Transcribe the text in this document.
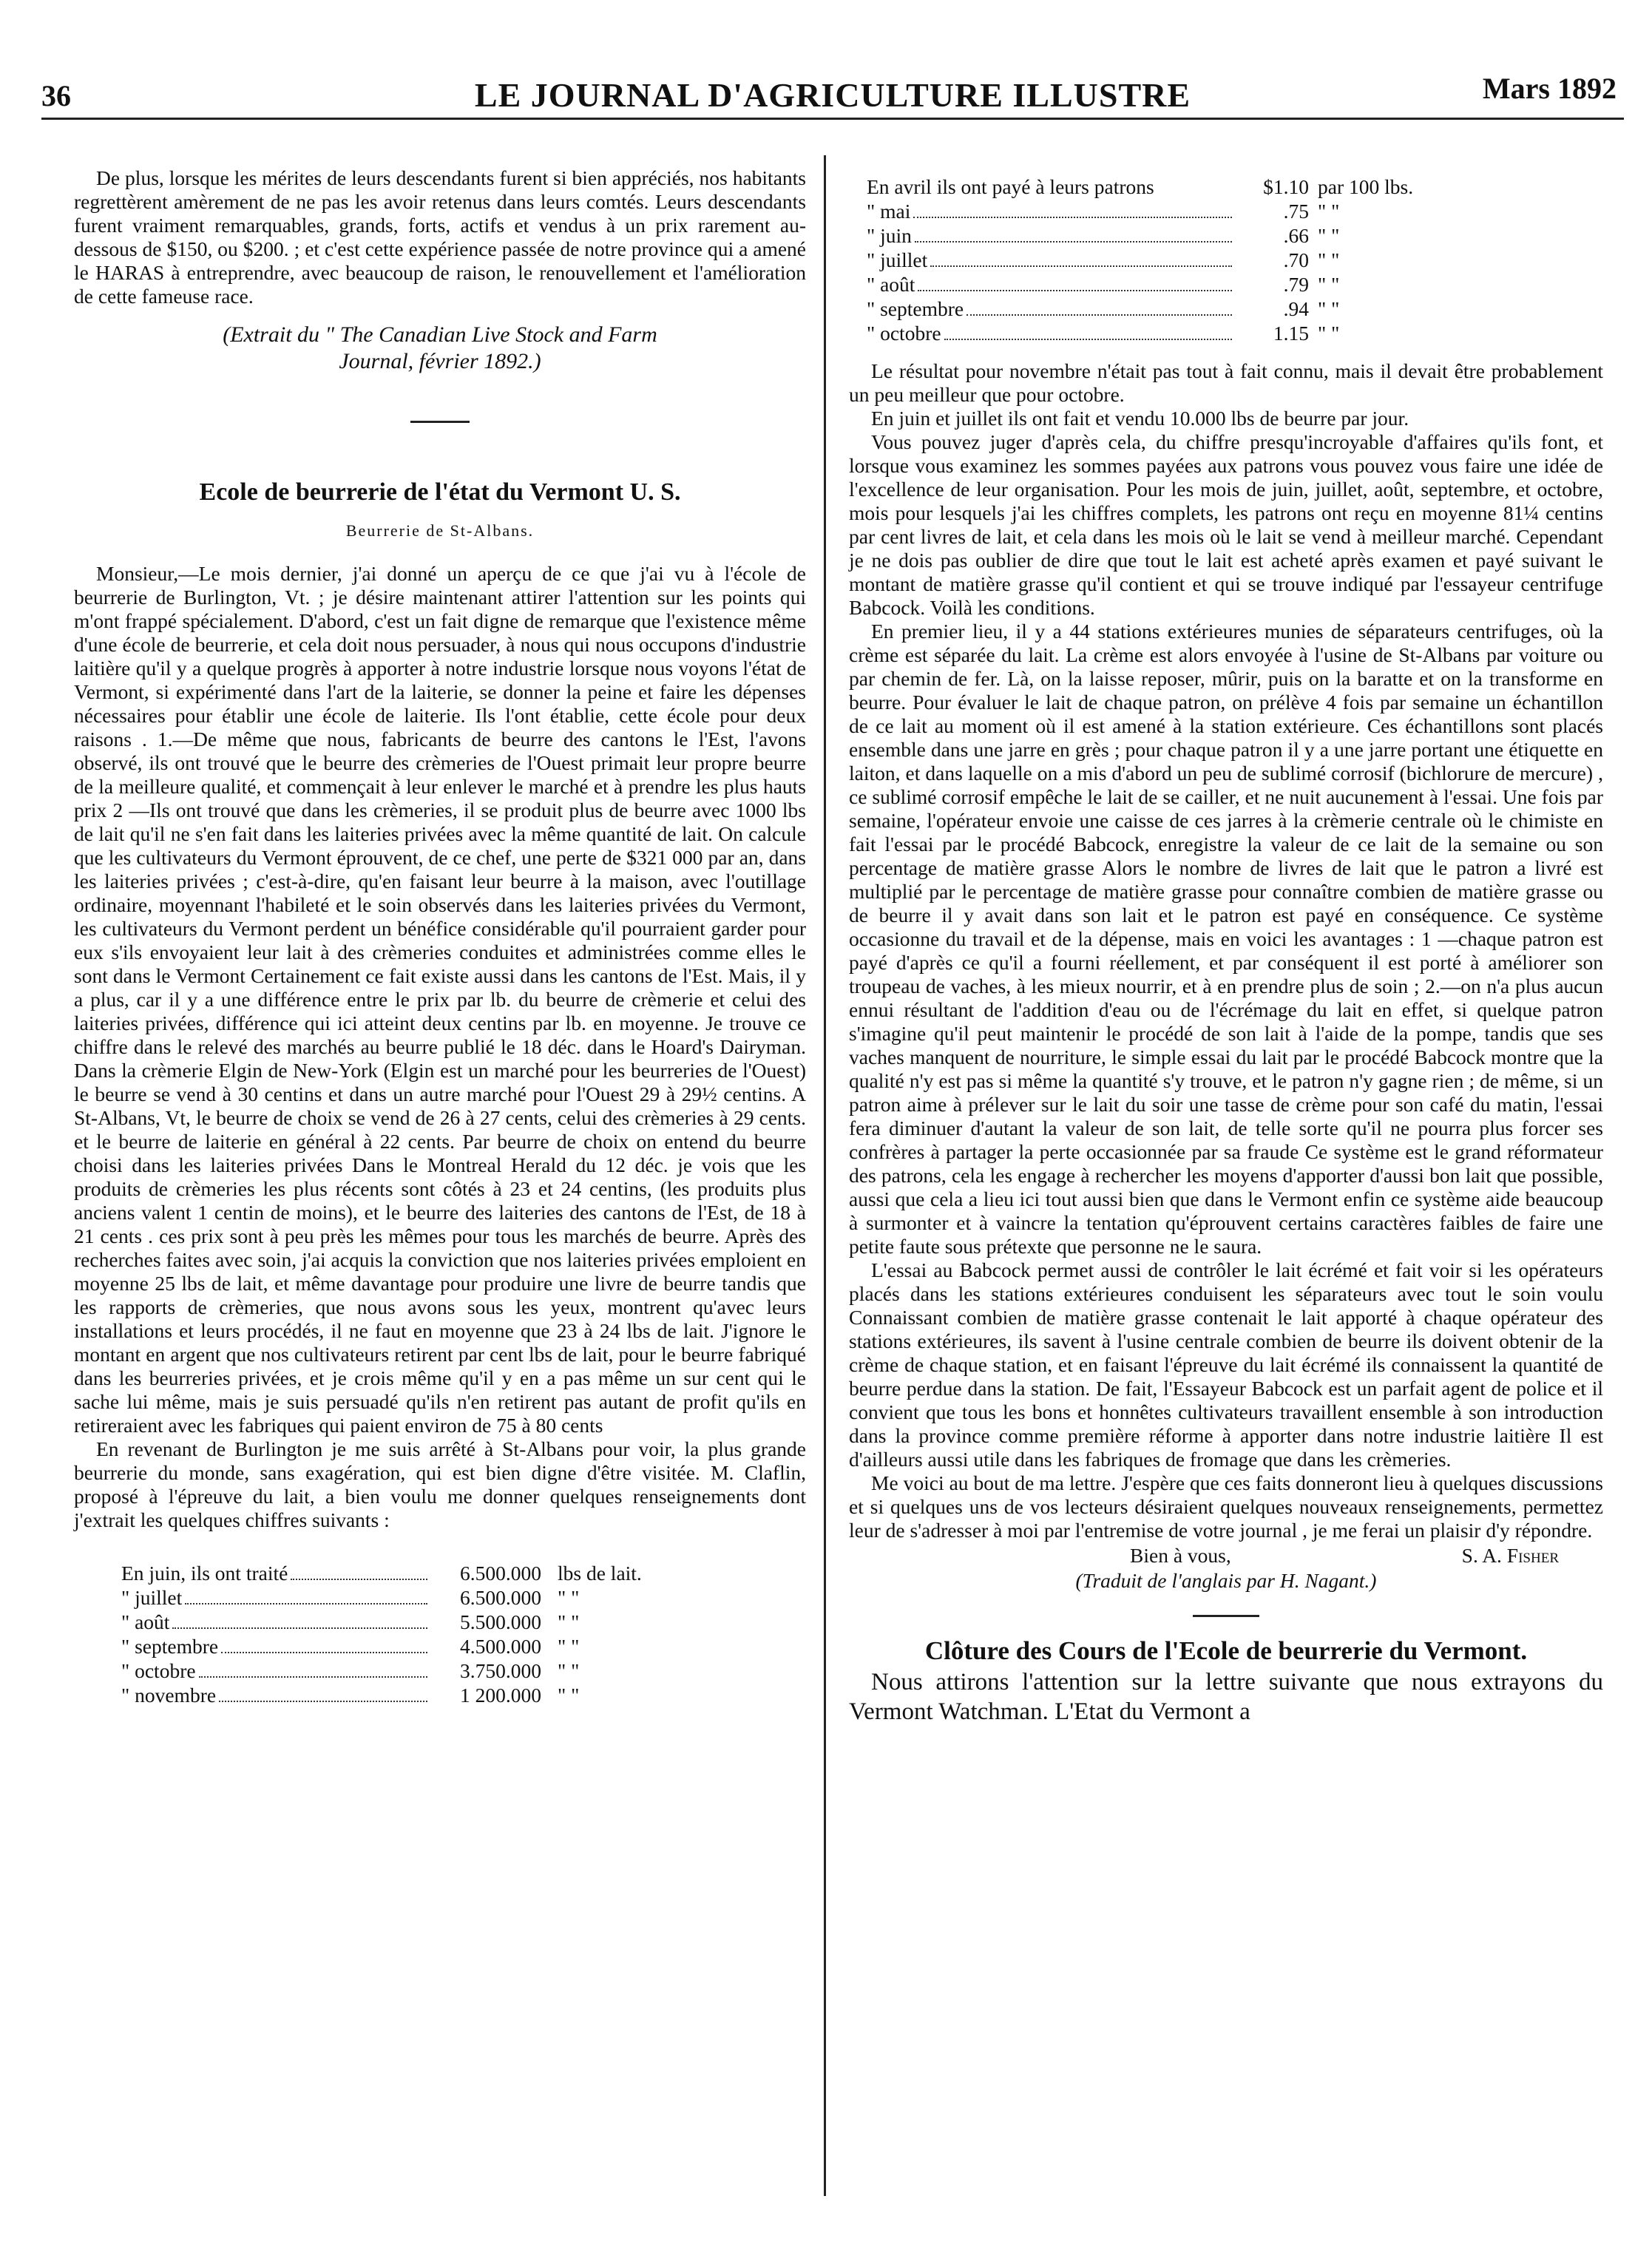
36	LE JOURNAL D'AGRICULTURE ILLUSTRE	Mars 1892

De plus, lorsque les mérites de leurs descendants furent si bien appréciés, nos habitants regrettèrent amèrement de ne pas les avoir retenus dans leurs comtés. Leurs descendants furent vraiment remarquables, grands, forts, actifs et vendus à un prix rarement au-dessous de $150, ou $200. ; et c'est cette expérience passée de notre province qui a amené le HARAS à entreprendre, avec beaucoup de raison, le renouvellement et l'amélioration de cette fameuse race.

(Extrait du " The Canadian Live Stock and Farm
Journal, février 1892.)
Ecole de beurrerie de l'état du Vermont U. S.
Beurrerie de St-Albans.

Monsieur,—Le mois dernier, j'ai donné un aperçu de ce que j'ai vu à l'école de beurrerie de Burlington, Vt. ; je désire maintenant attirer l'attention sur les points qui m'ont frappé spécialement. D'abord, c'est un fait digne de remarque que l'existence même d'une école de beurrerie, et cela doit nous persuader, à nous qui nous occupons d'industrie laitière qu'il y a quelque progrès à apporter à notre industrie lorsque nous voyons l'état de Vermont, si expérimenté dans l'art de la laiterie, se donner la peine et faire les dépenses nécessaires pour établir une école de laiterie. Ils l'ont établie, cette école pour deux raisons . 1.—De même que nous, fabricants de beurre des cantons le l'Est, l'avons observé, ils ont trouvé que le beurre des crèmeries de l'Ouest primait leur propre beurre de la meilleure qualité, et commençait à leur enlever le marché et à prendre les plus hauts prix 2 —Ils ont trouvé que dans les crèmeries, il se produit plus de beurre avec 1000 lbs de lait qu'il ne s'en fait dans les laiteries privées avec la même quantité de lait. On calcule que les cultivateurs du Vermont éprouvent, de ce chef, une perte de $321 000 par an, dans les laiteries privées ; c'est-à-dire, qu'en faisant leur beurre à la maison, avec l'outillage ordinaire, moyennant l'habileté et le soin observés dans les laiteries privées du Vermont, les cultivateurs du Vermont perdent un bénéfice considérable qu'il pourraient garder pour eux s'ils envoyaient leur lait à des crèmeries conduites et administrées comme elles le sont dans le Vermont Certainement ce fait existe aussi dans les cantons de l'Est. Mais, il y a plus, car il y a une différence entre le prix par lb. du beurre de crèmerie et celui des laiteries privées, différence qui ici atteint deux centins par lb. en moyenne. Je trouve ce chiffre dans le relevé des marchés au beurre publié le 18 déc. dans le Hoard's Dairyman. Dans la crèmerie Elgin de New-York (Elgin est un marché pour les beurreries de l'Ouest) le beurre se vend à 30 centins et dans un autre marché pour l'Ouest 29 à 29½ centins. A St-Albans, Vt, le beurre de choix se vend de 26 à 27 cents, celui des crèmeries à 29 cents. et le beurre de laiterie en général à 22 cents. Par beurre de choix on entend du beurre choisi dans les laiteries privées Dans le Montreal Herald du 12 déc. je vois que les produits de crèmeries les plus récents sont côtés à 23 et 24 centins, (les produits plus anciens valent 1 centin de moins), et le beurre des laiteries des cantons de l'Est, de 18 à 21 cents . ces prix sont à peu près les mêmes pour tous les marchés de beurre. Après des recherches faites avec soin, j'ai acquis la conviction que nos laiteries privées emploient en moyenne 25 lbs de lait, et même davantage pour produire une livre de beurre tandis que les rapports de crèmeries, que nous avons sous les yeux, montrent qu'avec leurs installations et leurs procédés, il ne faut en moyenne que 23 à 24 lbs de lait. J'ignore le montant en argent que nos cultivateurs retirent par cent lbs de lait, pour le beurre fabriqué dans les beurreries privées, et je crois même qu'il y en a pas même un sur cent qui le sache lui même, mais je suis persuadé qu'ils n'en retirent pas autant de profit qu'ils en retireraient avec les fabriques qui paient environ de 75 à 80 cents

En revenant de Burlington je me suis arrêté à St-Albans pour voir, la plus grande beurrerie du monde, sans exagération, qui est bien digne d'être visitée. M. Claflin, proposé à l'épreuve du lait, a bien voulu me donner quelques renseignements dont j'extrait les quelques chiffres suivants :

En juin, ils ont traité	6.500.000 lbs de lait.
" juillet	6.500.000 " "
" août	5.500.000 " "
" septembre	4.500.000 " "
" octobre	3.750.000 " "
" novembre	1 200.000 " "
En avril ils ont payé à leurs patrons	$1.10 par 100 lbs.
" mai	.75 " "
" juin	.66 " "
" juillet	.70 " "
" août	.79 " "
" septembre	.94 " "
" octobre	1.15 " "

Le résultat pour novembre n'était pas tout à fait connu, mais il devait être probablement un peu meilleur que pour octobre.

En juin et juillet ils ont fait et vendu 10.000 lbs de beurre par jour.

Vous pouvez juger d'après cela, du chiffre presqu'incroyable d'affaires qu'ils font, et lorsque vous examinez les sommes payées aux patrons vous pouvez vous faire une idée de l'excellence de leur organisation. Pour les mois de juin, juillet, août, septembre, et octobre, mois pour lesquels j'ai les chiffres complets, les patrons ont reçu en moyenne 81¼ centins par cent livres de lait, et cela dans les mois où le lait se vend à meilleur marché. Cependant je ne dois pas oublier de dire que tout le lait est acheté après examen et payé suivant le montant de matière grasse qu'il contient et qui se trouve indiqué par l'essayeur centrifuge Babcock. Voilà les conditions.

En premier lieu, il y a 44 stations extérieures munies de séparateurs centrifuges, où la crème est séparée du lait. La crème est alors envoyée à l'usine de St-Albans par voiture ou par chemin de fer. Là, on la laisse reposer, mûrir, puis on la baratte et on la transforme en beurre. Pour évaluer le lait de chaque patron, on prélève 4 fois par semaine un échantillon de ce lait au moment où il est amené à la station extérieure. Ces échantillons sont placés ensemble dans une jarre en grès ; pour chaque patron il y a une jarre portant une étiquette en laiton, et dans laquelle on a mis d'abord un peu de sublimé corrosif (bichlorure de mercure) , ce sublimé corrosif empêche le lait de se cailler, et ne nuit aucunement à l'essai. Une fois par semaine, l'opérateur envoie une caisse de ces jarres à la crèmerie centrale où le chimiste en fait l'essai par le procédé Babcock, enregistre la valeur de ce lait de la semaine ou son percentage de matière grasse Alors le nombre de livres de lait que le patron a livré est multiplié par le percentage de matière grasse pour connaître combien de matière grasse ou de beurre il y avait dans son lait et le patron est payé en conséquence. Ce système occasionne du travail et de la dépense, mais en voici les avantages : 1 —chaque patron est payé d'après ce qu'il a fourni réellement, et par conséquent il est porté à améliorer son troupeau de vaches, à les mieux nourrir, et à en prendre plus de soin ; 2.—on n'a plus aucun ennui résultant de l'addition d'eau ou de l'écrémage du lait en effet, si quelque patron s'imagine qu'il peut maintenir le procédé de son lait à l'aide de la pompe, tandis que ses vaches manquent de nourriture, le simple essai du lait par le procédé Babcock montre que la qualité n'y est pas si même la quantité s'y trouve, et le patron n'y gagne rien ; de même, si un patron aime à prélever sur le lait du soir une tasse de crème pour son café du matin, l'essai fera diminuer d'autant la valeur de son lait, de telle sorte qu'il ne pourra plus forcer ses confrères à partager la perte occasionnée par sa fraude Ce système est le grand réformateur des patrons, cela les engage à rechercher les moyens d'apporter d'aussi bon lait que possible, aussi que cela a lieu ici tout aussi bien que dans le Vermont enfin ce système aide beaucoup à surmonter et à vaincre la tentation qu'éprouvent certains caractères faibles de faire une petite faute sous prétexte que personne ne le saura.

L'essai au Babcock permet aussi de contrôler le lait écrémé et fait voir si les opérateurs placés dans les stations extérieures conduisent les séparateurs avec tout le soin voulu Connaissant combien de matière grasse contenait le lait apporté à chaque opérateur des stations extérieures, ils savent à l'usine centrale combien de beurre ils doivent obtenir de la crème de chaque station, et en faisant l'épreuve du lait écrémé ils connaissent la quantité de beurre perdue dans la station. De fait, l'Essayeur Babcock est un parfait agent de police et il convient que tous les bons et honnêtes cultivateurs travaillent ensemble à son introduction dans la province comme première réforme à apporter dans notre industrie laitière Il est d'ailleurs aussi utile dans les fabriques de fromage que dans les crèmeries.

Me voici au bout de ma lettre. J'espère que ces faits donneront lieu à quelques discussions et si quelques uns de vos lecteurs désiraient quelques nouveaux renseignements, permettez leur de s'adresser à moi par l'entremise de votre journal , je me ferai un plaisir d'y répondre.

Bien à vous,	S. A. Fisher
(Traduit de l'anglais par H. Nagant.)
Clôture des Cours de l'Ecole de beurrerie du Vermont.

Nous attirons l'attention sur la lettre suivante que nous extrayons du Vermont Watchman. L'Etat du Vermont a
